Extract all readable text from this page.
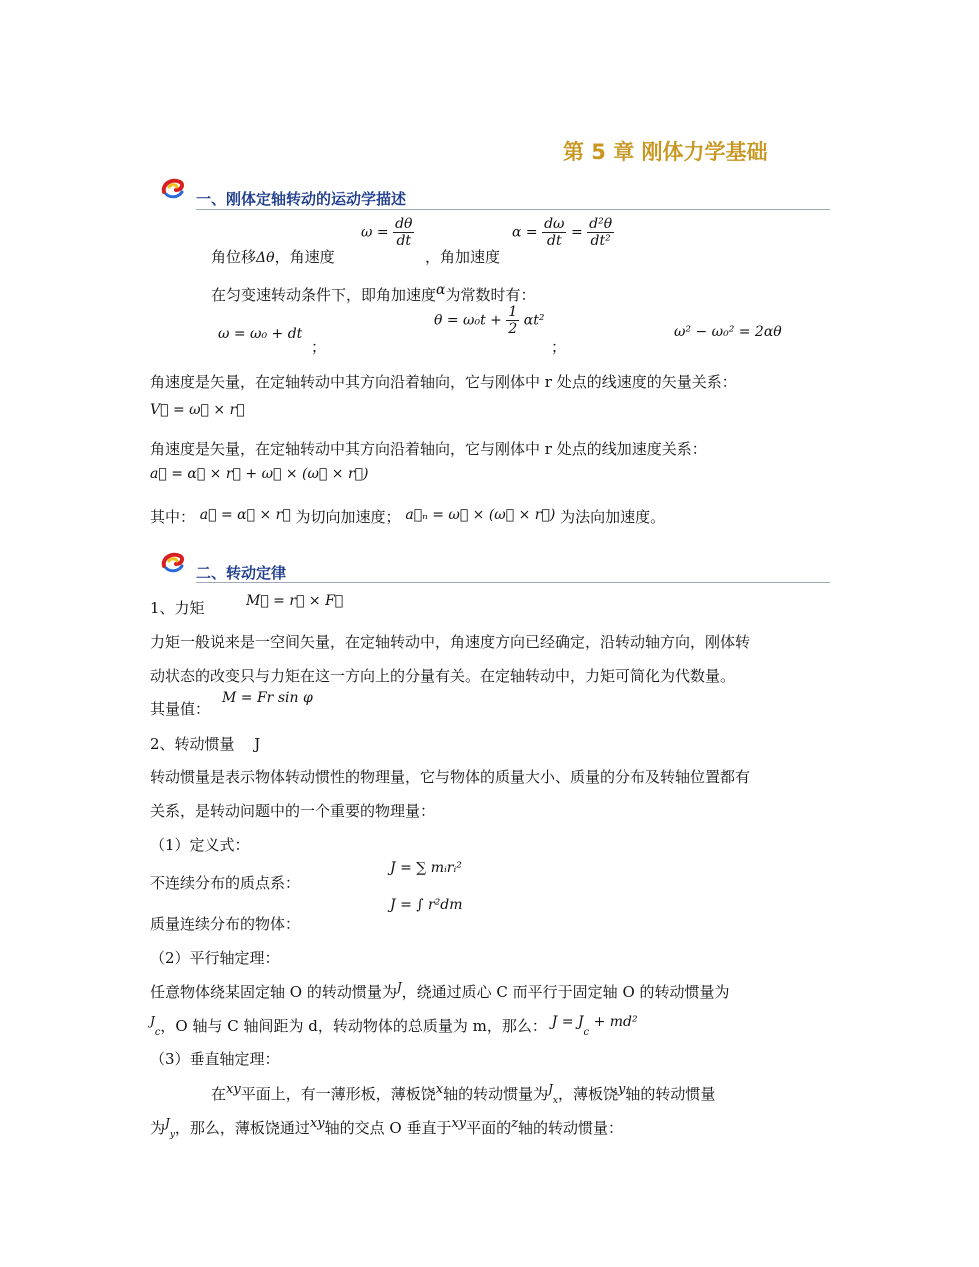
第 5 章 刚体力学基础
一、刚体定轴转动的运动学描述
角位移Δθ，角速度
$\omega = \frac{d\theta}{dt}$
，角加速度
$\alpha = \frac{d\omega}{dt} = \frac{\text{d²θ}}{\text{dt²}}$
在匀变速转动条件下，即角加速度α为常数时有：
ω = ω₀ + dt
；
$\theta = \omega_0t + \frac{1}{2} \alpha t^2$
；
ω² − ω₀² = 2αθ
角速度是矢量，在定轴转动中其方向沿着轴向，它与刚体中 r 处点的线速度的矢量关系：
V⃗ = ω⃗ × r⃗
角速度是矢量，在定轴转动中其方向沿着轴向，它与刚体中 r 处点的线加速度关系：
a⃗ = α⃗ × r⃗ + ω⃗ × (ω⃗ × r⃗)
其中： a⃗ = α⃗ × r⃗ 为切向加速度； a⃗ₙ = ω⃗ × (ω⃗ × r⃗) 为法向加速度。
二、转动定律
1、力矩	M⃗ = r⃗ × F⃗
力矩一般说来是一空间矢量，在定轴转动中，角速度方向已经确定，沿转动轴方向，刚体转
动状态的改变只与力矩在这一方向上的分量有关。在定轴转动中，力矩可简化为代数量。
其量值：
M = Fr sin φ
2、转动惯量　 J
转动惯量是表示物体转动惯性的物理量，它与物体的质量大小、质量的分布及转轴位置都有
关系，是转动问题中的一个重要的物理量：
（1）定义式：
不连续分布的质点系：
J = ∑ mᵢrᵢ²
质量连续分布的物体：
J = ∫ r²dm
（2）平行轴定理：
任意物体绕某固定轴 O 的转动惯量为$^J$，绕通过质心 C 而平行于固定轴 O 的转动惯量为
$^J_c$，O 轴与 C 轴间距为 d，转动物体的总质量为 m，那么： $J = J_c + md^2$
（3）垂直轴定理：
在xy平面上，有一薄形板，薄板饶x轴的转动惯量为$^J_x$，薄板饶y轴的转动惯量
为$^J_y$，那么，薄板饶通过xy轴的交点 O 垂直于xy平面的z轴的转动惯量：
